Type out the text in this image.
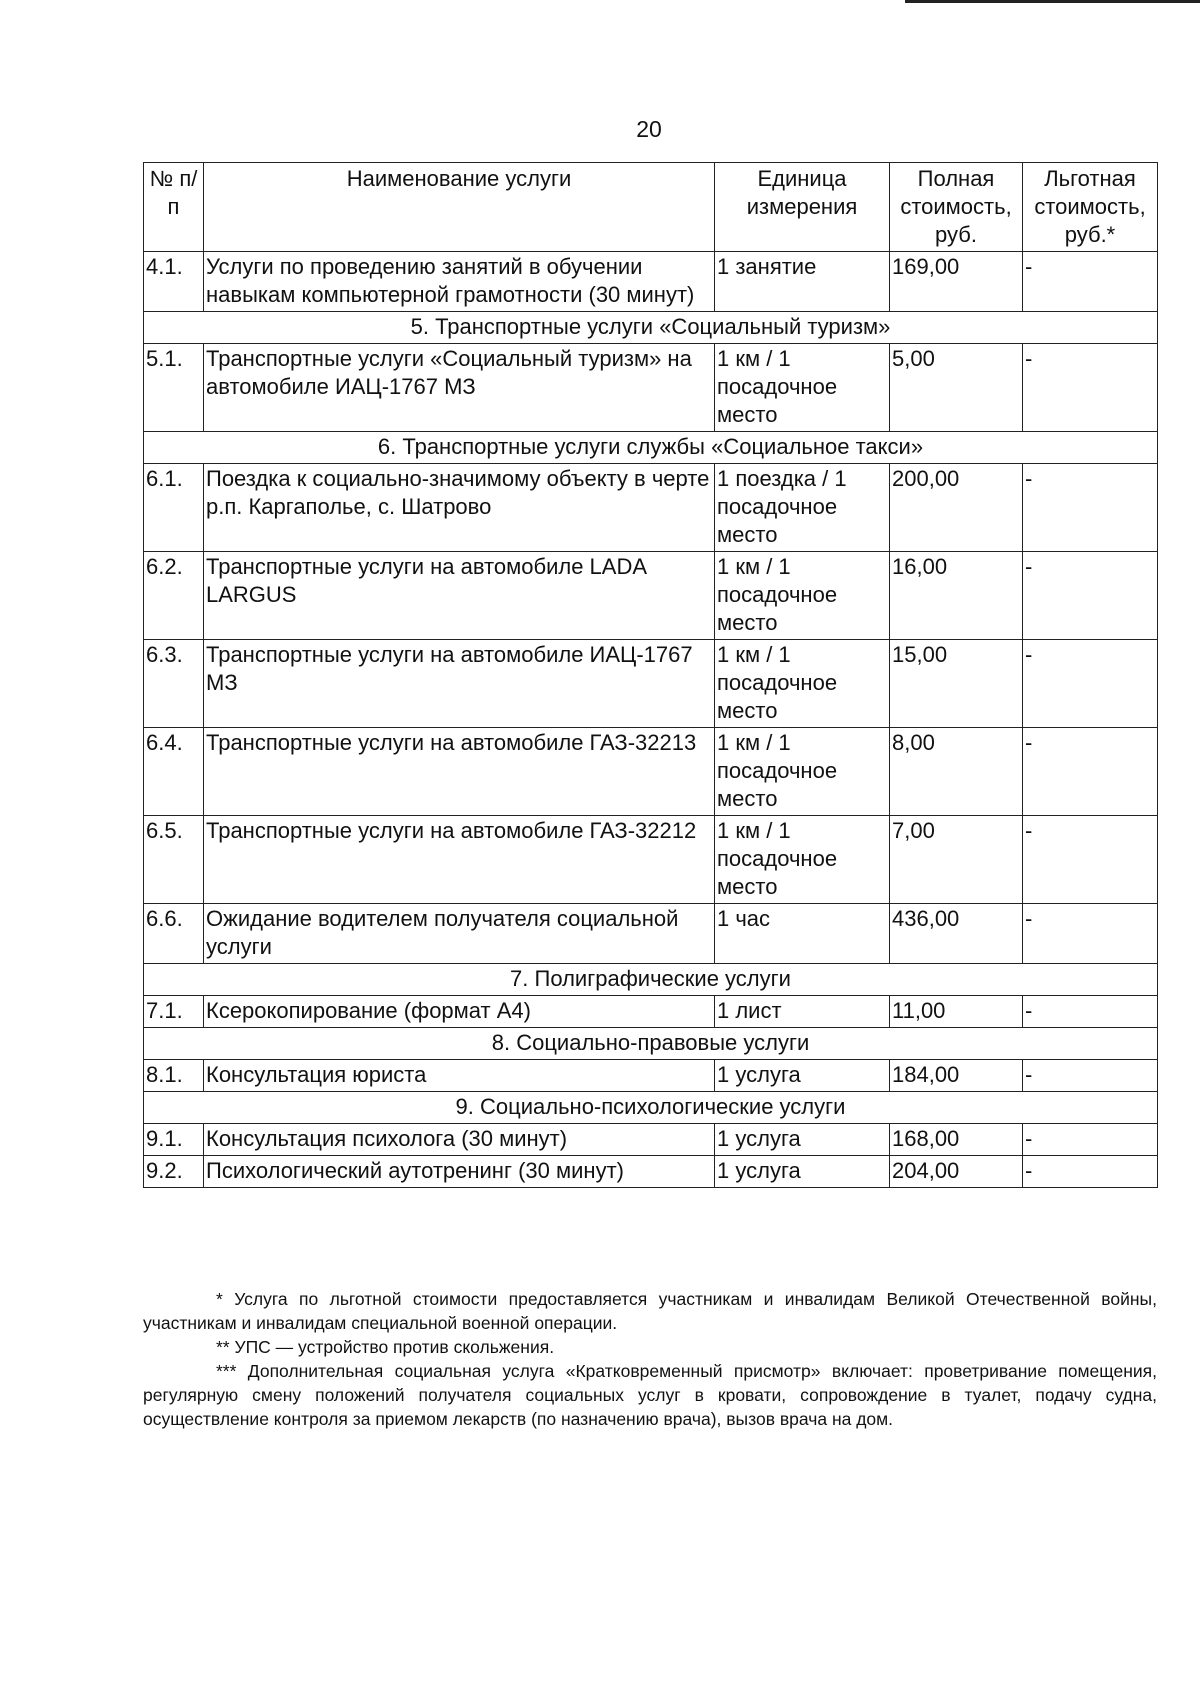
20
№ п/п	Наименование услуги	Единица измерения	Полная стоимость, руб.	Льготная стоимость, руб.*
4.1.	Услуги по проведению занятий в обучении навыкам компьютерной грамотности (30 минут)	1 занятие	169,00	-
5. Транспортные услуги «Социальный туризм»				
5.1.	Транспортные услуги «Социальный туризм» на автомобиле ИАЦ-1767 МЗ	1 км / 1 посадочное место	5,00	-
6. Транспортные услуги службы «Социальное такси»				
6.1.	Поездка к социально-значимому объекту в черте р.п. Каргаполье, с. Шатрово	1 поездка / 1 посадочное место	200,00	-
6.2.	Транспортные услуги на автомобиле LADA LARGUS	1 км / 1 посадочное место	16,00	-
6.3.	Транспортные услуги на автомобиле ИАЦ-1767 МЗ	1 км / 1 посадочное место	15,00	-
6.4.	Транспортные услуги на автомобиле ГАЗ-32213	1 км / 1 посадочное место	8,00	-
6.5.	Транспортные услуги на автомобиле ГАЗ-32212	1 км / 1 посадочное место	7,00	-
6.6.	Ожидание водителем получателя социальной услуги	1 час	436,00	-
7. Полиграфические услуги				
7.1.	Ксерокопирование (формат А4)	1 лист	11,00	-
8. Социально-правовые услуги				
8.1.	Консультация юриста	1 услуга	184,00	-
9. Социально-психологические услуги				
9.1.	Консультация психолога (30 минут)	1 услуга	168,00	-
9.2.	Психологический аутотренинг (30 минут)	1 услуга	204,00	-

* Услуга по льготной стоимости предоставляется участникам и инвалидам Великой Отечественной войны, участникам и инвалидам специальной военной операции.

** УПС — устройство против скольжения.

*** Дополнительная социальная услуга «Кратковременный присмотр» включает: проветривание помещения, регулярную смену положений получателя социальных услуг в кровати, сопровождение в туалет, подачу судна, осуществление контроля за приемом лекарств (по назначению врача), вызов врача на дом.
